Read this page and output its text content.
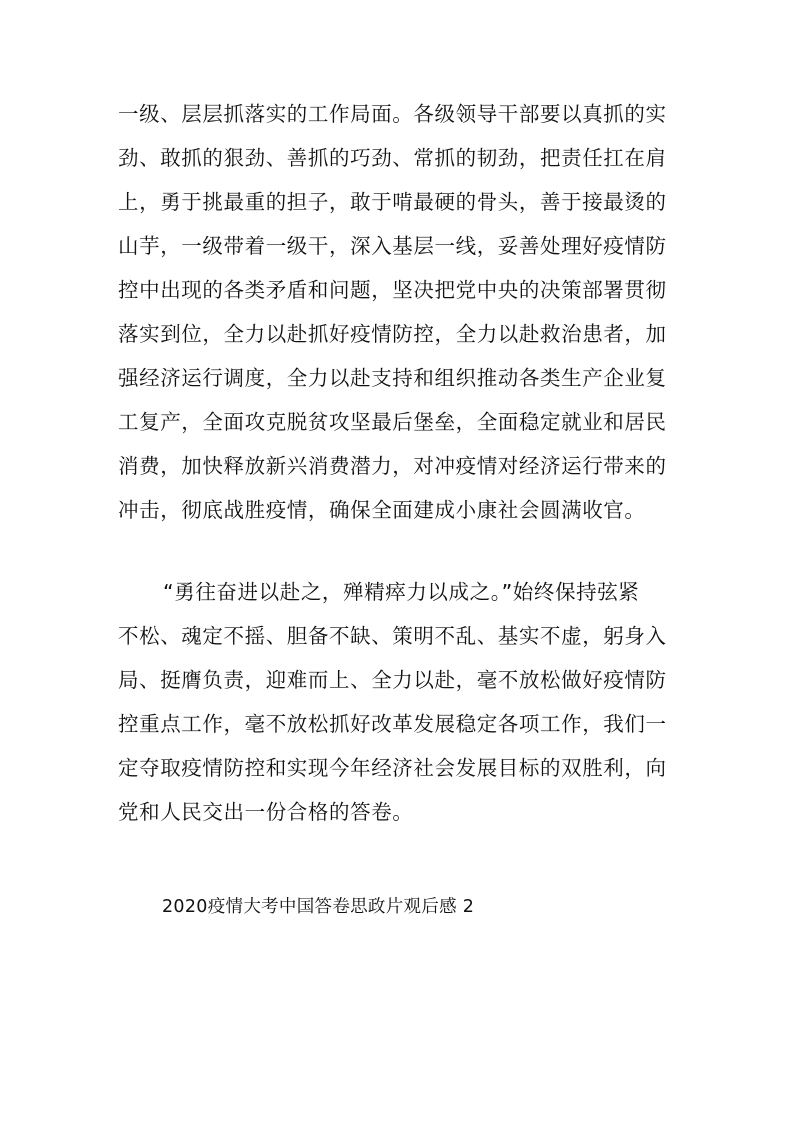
一级、层层抓落实的工作局面。各级领导干部要以真抓的实
劲、敢抓的狠劲、善抓的巧劲、常抓的韧劲，把责任扛在肩
上，勇于挑最重的担子，敢于啃最硬的骨头，善于接最烫的
山芋，一级带着一级干，深入基层一线，妥善处理好疫情防
控中出现的各类矛盾和问题，坚决把党中央的决策部署贯彻
落实到位，全力以赴抓好疫情防控，全力以赴救治患者，加
强经济运行调度，全力以赴支持和组织推动各类生产企业复
工复产，全面攻克脱贫攻坚最后堡垒，全面稳定就业和居民
消费，加快释放新兴消费潜力，对冲疫情对经济运行带来的
冲击，彻底战胜疫情，确保全面建成小康社会圆满收官。
“勇往奋进以赴之，殚精瘁力以成之。”始终保持弦紧
不松、魂定不摇、胆备不缺、策明不乱、基实不虚，躬身入
局、挺膺负责，迎难而上、全力以赴，毫不放松做好疫情防
控重点工作，毫不放松抓好改革发展稳定各项工作，我们一
定夺取疫情防控和实现今年经济社会发展目标的双胜利，向
党和人民交出一份合格的答卷。
2020疫情大考中国答卷思政片观后感 2
